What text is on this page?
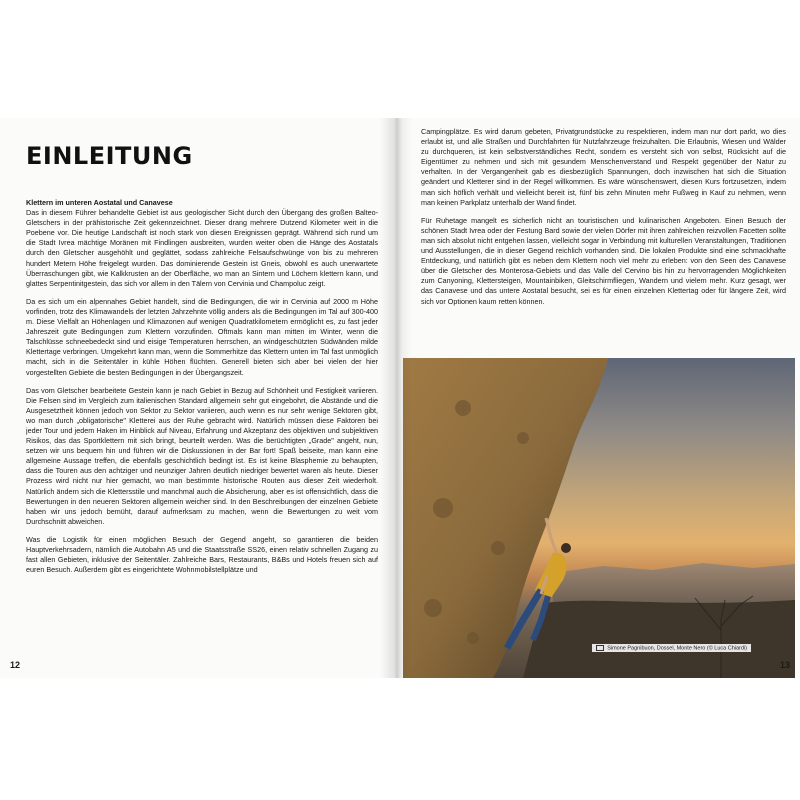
EINLEITUNG
Klettern im unteren Aostatal und Canavese

Das in diesem Führer behandelte Gebiet ist aus geologischer Sicht durch den Übergang des großen Balteo-Gletschers in der prähistorische Zeit gekennzeichnet. Dieser drang mehrere Dutzend Kilometer weit in die Poebene vor. Die heutige Landschaft ist noch stark von diesen Ereignissen geprägt. Während sich rund um die Stadt Ivrea mächtige Moränen mit Findlingen ausbreiten, wurden weiter oben die Hänge des Aostatals durch den Gletscher ausgehöhlt und geglättet, sodass zahlreiche Felsaufschwünge von bis zu mehreren hundert Metern Höhe freigelegt wurden. Das dominierende Gestein ist Gneis, obwohl es auch unerwartete Überraschungen gibt, wie Kalkkrusten an der Oberfläche, wo man an Sintern und Löchern klettern kann, und glattes Serpentinitgestein, das sich vor allem in den Tälern von Cervinia und Champoluc zeigt.

Da es sich um ein alpennahes Gebiet handelt, sind die Bedingungen, die wir in Cervinia auf 2000 m Höhe vorfinden, trotz des Klimawandels der letzten Jahrzehnte völlig anders als die Bedingungen im Tal auf 300-400 m. Diese Vielfalt an Höhenlagen und Klimazonen auf wenigen Quadratkilometern ermöglicht es, zu fast jeder Jahreszeit gute Bedingungen zum Klettern vorzufinden. Oftmals kann man mitten im Winter, wenn die Talschlüsse schneebedeckt sind und eisige Temperaturen herrschen, an windgeschützten Südwänden milde Klettertage verbringen. Umgekehrt kann man, wenn die Sommerhitze das Klettern unten im Tal fast unmöglich macht, sich in die Seitentäler in kühle Höhen flüchten. Generell bieten sich aber bei vielen der hier vorgestellten Gebiete die besten Bedingungen in der Übergangszeit.

Das vom Gletscher bearbeitete Gestein kann je nach Gebiet in Bezug auf Schönheit und Festigkeit variieren. Die Felsen sind im Vergleich zum italienischen Standard allgemein sehr gut eingebohrt, die Abstände und die Ausgesetztheit können jedoch von Sektor zu Sektor variieren, auch wenn es nur sehr wenige Sektoren gibt, wo man durch „obligatorische" Kletterei aus der Ruhe gebracht wird. Natürlich müssen diese Faktoren bei jeder Tour und jedem Haken im Hinblick auf Niveau, Erfahrung und Akzeptanz des objektiven und subjektiven Risikos, das das Sportklettern mit sich bringt, beurteilt werden. Was die berüchtigten „Grade" angeht, nun, setzen wir uns bequem hin und führen wir die Diskussionen in der Bar fort! Spaß beiseite, man kann eine allgemeine Aussage treffen, die ebenfalls geschichtlich bedingt ist. Es ist keine Blasphemie zu behaupten, dass die Touren aus den achtziger und neunziger Jahren deutlich niedriger bewertet waren als heute. Dieser Prozess wird nicht nur hier gemacht, wo man bestimmte historische Routen aus dieser Zeit wiederholt. Natürlich ändern sich die Klettersstile und manchmal auch die Absicherung, aber es ist offensichtlich, dass die Bewertungen in den neueren Sektoren allgemein weicher sind. In den Beschreibungen der einzelnen Gebiete haben wir uns jedoch bemüht, darauf aufmerksam zu machen, wenn die Bewertungen zu weit vom Durchschnitt abweichen.

Was die Logistik für einen möglichen Besuch der Gegend angeht, so garantieren die beiden Hauptverkehrsadern, nämlich die Autobahn A5 und die Staatsstraße SS26, einen relativ schnellen Zugang zu fast allen Gebieten, inklusive der Seitentäler. Zahlreiche Bars, Restaurants, B&Bs und Hotels freuen sich auf euren Besuch. Außerdem gibt es eingerichtete Wohnmobilstellplätze und

12

Campingplätze. Es wird darum gebeten, Privatgrundstücke zu respektieren, indem man nur dort parkt, wo dies erlaubt ist, und alle Straßen und Durchfahrten für Nutzfahrzeuge freizuhalten. Die Erlaubnis, Wiesen und Wälder zu durchqueren, ist kein selbstverständliches Recht, sondern es versteht sich von selbst, Rücksicht auf die Eigentümer zu nehmen und sich mit gesundem Menschenverstand und Respekt gegenüber der Natur zu verhalten. In der Vergangenheit gab es diesbezüglich Spannungen, doch inzwischen hat sich die Situation geändert und Kletterer sind in der Regel willkommen. Es wäre wünschenswert, diesen Kurs fortzusetzen, indem man sich höflich verhält und vielleicht bereit ist, fünf bis zehn Minuten mehr Fußweg in Kauf zu nehmen, wenn man keinen Parkplatz unterhalb der Wand findet.

Für Ruhetage mangelt es sicherlich nicht an touristischen und kulinarischen Angeboten. Einen Besuch der schönen Stadt Ivrea oder der Festung Bard sowie der vielen Dörfer mit ihren zahlreichen reizvollen Facetten sollte man sich absolut nicht entgehen lassen, vielleicht sogar in Verbindung mit kulturellen Veranstaltungen, Traditionen und Ausstellungen, die in dieser Gegend reichlich vorhanden sind. Die lokalen Produkte sind eine schmackhafte Entdeckung, und natürlich gibt es neben dem Klettern noch viel mehr zu erleben: von den Seen des Canavese über die Gletscher des Monterosa-Gebiets und das Valle del Cervino bis hin zu hervorragenden Möglichkeiten zum Canyoning, Klettersteigen, Mountainbiken, Gleitschirmfliegen, Wandern und vielem mehr. Kurz gesagt, wer das Canavese und das untere Aostatal besucht, sei es für einen einzelnen Klettertag oder für längere Zeit, wird sich vor Optionen kaum retten können.

Simone Pagnibuon, Dossel, Monte Nero (© Luca Chiardi)
13
